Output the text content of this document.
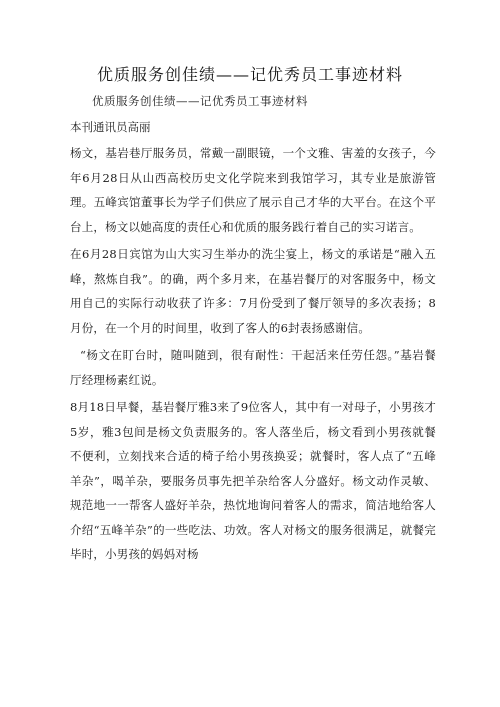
优质服务创佳绩——记优秀员工事迹材料
优质服务创佳绩——记优秀员工事迹材料
本刊通讯员高丽

杨文，基岩巷厅服务员，常戴一副眼镜，一个文雅、害羞的女孩子，今年6月28日从山西高校历史文化学院来到我馆学习，其专业是旅游管理。五峰宾馆董事长为学子们供应了展示自己才华的大平台。在这个平台上，杨文以她高度的责任心和优质的服务践行着自己的实习诺言。

在6月28日宾馆为山大实习生举办的洗尘宴上，杨文的承诺是“融入五峰，熬炼自我”。的确，两个多月来，在基岩餐厅的对客服务中，杨文用自己的实际行动收获了许多：7月份受到了餐厅领导的多次表扬；8月份，在一个月的时间里，收到了客人的6封表扬感谢信。

“杨文在盯台时，随叫随到，很有耐性：干起活来任劳任怨。”基岩餐厅经理杨素红说。

8月18日早餐，基岩餐厅雅3来了9位客人，其中有一对母子，小男孩才5岁，雅3包间是杨文负责服务的。客人落坐后，杨文看到小男孩就餐不便利，立刻找来合适的椅子给小男孩换妥；就餐时，客人点了“五峰羊杂”，喝羊杂，要服务员事先把羊杂给客人分盛好。杨文动作灵敏、规范地一一帮客人盛好羊杂，热忱地询问着客人的需求，简洁地给客人介绍“五峰羊杂”的一些吃法、功效。客人对杨文的服务很满足，就餐完毕时，小男孩的妈妈对杨
